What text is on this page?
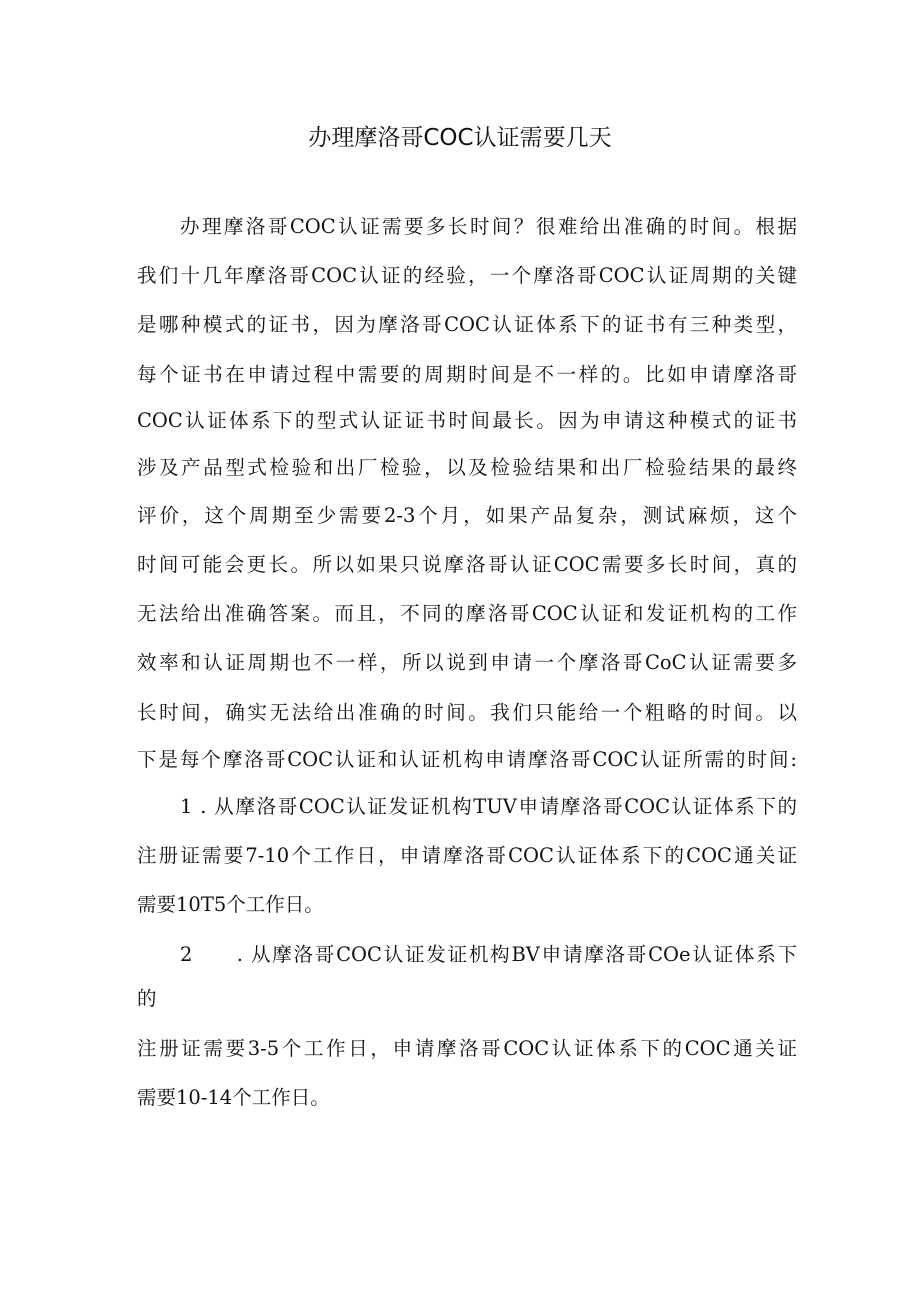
办理摩洛哥COC认证需要几天

办理摩洛哥COC认证需要多长时间？很难给出准确的时间。根据

我们十几年摩洛哥COC认证的经验，一个摩洛哥COC认证周期的关键

是哪种模式的证书，因为摩洛哥COC认证体系下的证书有三种类型，

每个证书在申请过程中需要的周期时间是不一样的。比如申请摩洛哥

COC认证体系下的型式认证证书时间最长。因为申请这种模式的证书

涉及产品型式检验和出厂检验，以及检验结果和出厂检验结果的最终

评价，这个周期至少需要2-3个月，如果产品复杂，测试麻烦，这个

时间可能会更长。所以如果只说摩洛哥认证COC需要多长时间，真的

无法给出准确答案。而且，不同的摩洛哥COC认证和发证机构的工作

效率和认证周期也不一样，所以说到申请一个摩洛哥CoC认证需要多

长时间，确实无法给出准确的时间。我们只能给一个粗略的时间。以

下是每个摩洛哥COC认证和认证机构申请摩洛哥COC认证所需的时间:

1 . 从摩洛哥COC认证发证机构TUV申请摩洛哥COC认证体系下的

注册证需要7-10个工作日，申请摩洛哥COC认证体系下的COC通关证

需要10T5个工作日。

2　　. 从摩洛哥COC认证发证机构BV申请摩洛哥COe认证体系下

的

注册证需要3-5个工作日，申请摩洛哥COC认证体系下的COC通关证

需要10-14个工作日。
